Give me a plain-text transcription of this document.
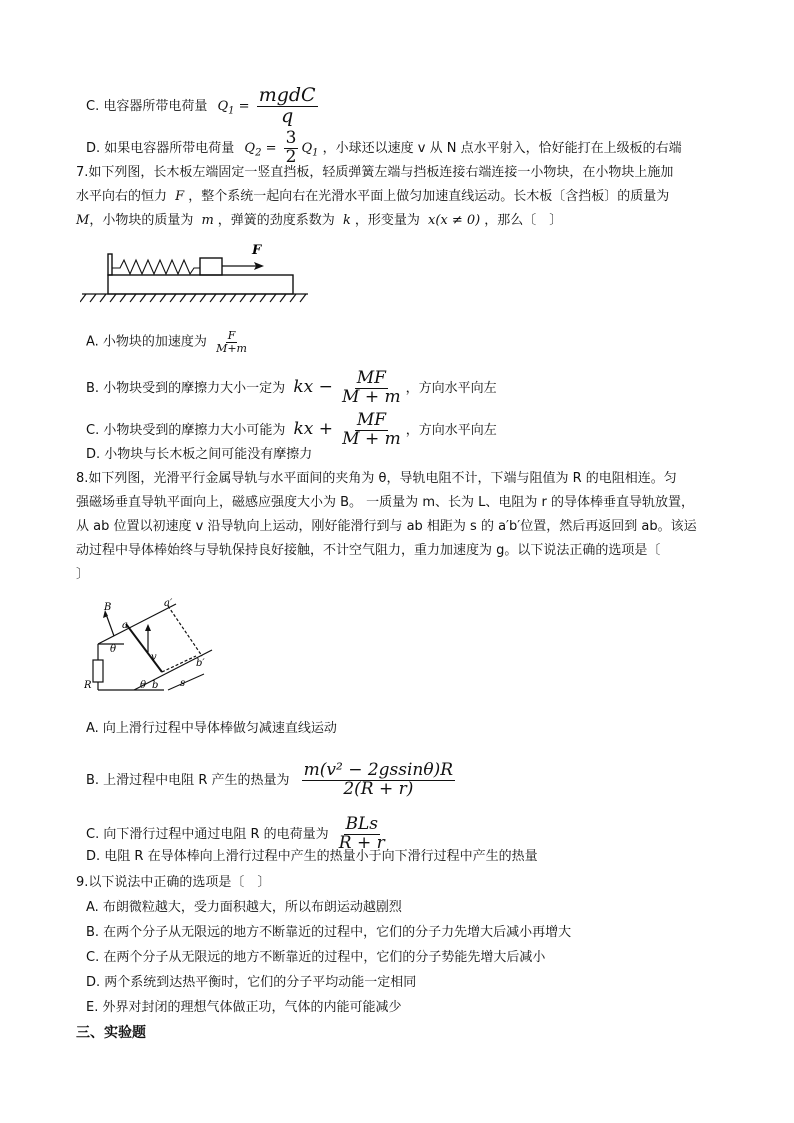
C. 电容器所带电荷量 $Q_1 = \frac{\text{mgdC}}{q}$
D. 如果电容器所带电荷量 $Q_2 = \frac{3}{2} Q_1$ ，小球还以速度 v 从 N 点水平射入，恰好能打在上级板的右端
7.如下列图，长木板左端固定一竖直挡板，轻质弹簧左端与挡板连接右端连接一小物块，在小物块上施加
水平向右的恒力 F ，整个系统一起向右在光滑水平面上做匀加速直线运动。长木板〔含挡板〕的质量为
M，小物块的质量为 m ，弹簧的劲度系数为 k ，形变量为 x(x ≠ 0) ，那么〔　〕
F
A. 小物块的加速度为 $\frac{F}{M+m}$
B. 小物块受到的摩擦力大小一定为 kx − $\frac{MF}{M + m}$ ，方向水平向左
C. 小物块受到的摩擦力大小可能为 kx + $\frac{MF}{M + m}$ ，方向水平向左
D. 小物块与长木板之间可能没有摩擦力
8.如下列图，光滑平行金属导轨与水平面间的夹角为 θ，导轨电阻不计，下端与阻值为 R 的电阻相连。匀
强磁场垂直导轨平面向上，磁感应强度大小为 B。 一质量为 m、长为 L、电阻为 r 的导体棒垂直导轨放置，
从 ab 位置以初速度 v 沿导轨向上运动，刚好能滑行到与 ab 相距为 s 的 a′b′位置，然后再返回到 ab。该运
动过程中导体棒始终与导轨保持良好接触，不计空气阻力，重力加速度为 g。以下说法正确的选项是〔
〕
B
a
a′
θ
v
b′
R	θ b s
A. 向上滑行过程中导体棒做匀减速直线运动
B. 上滑过程中电阻 R 产生的热量为 $\frac{\text{m(v² − 2gssinθ)R}}{2(R + r)}$
C. 向下滑行过程中通过电阻 R 的电荷量为 $\frac{\text{BLs}}{R + r}$
D. 电阻 R 在导体棒向上滑行过程中产生的热量小于向下滑行过程中产生的热量
9.以下说法中正确的选项是〔　〕
A. 布朗微粒越大，受力面积越大，所以布朗运动越剧烈
B. 在两个分子从无限远的地方不断靠近的过程中，它们的分子力先增大后减小再增大
C. 在两个分子从无限远的地方不断靠近的过程中，它们的分子势能先增大后减小
D. 两个系统到达热平衡时，它们的分子平均动能一定相同
E. 外界对封闭的理想气体做正功，气体的内能可能减少
三、实验题
